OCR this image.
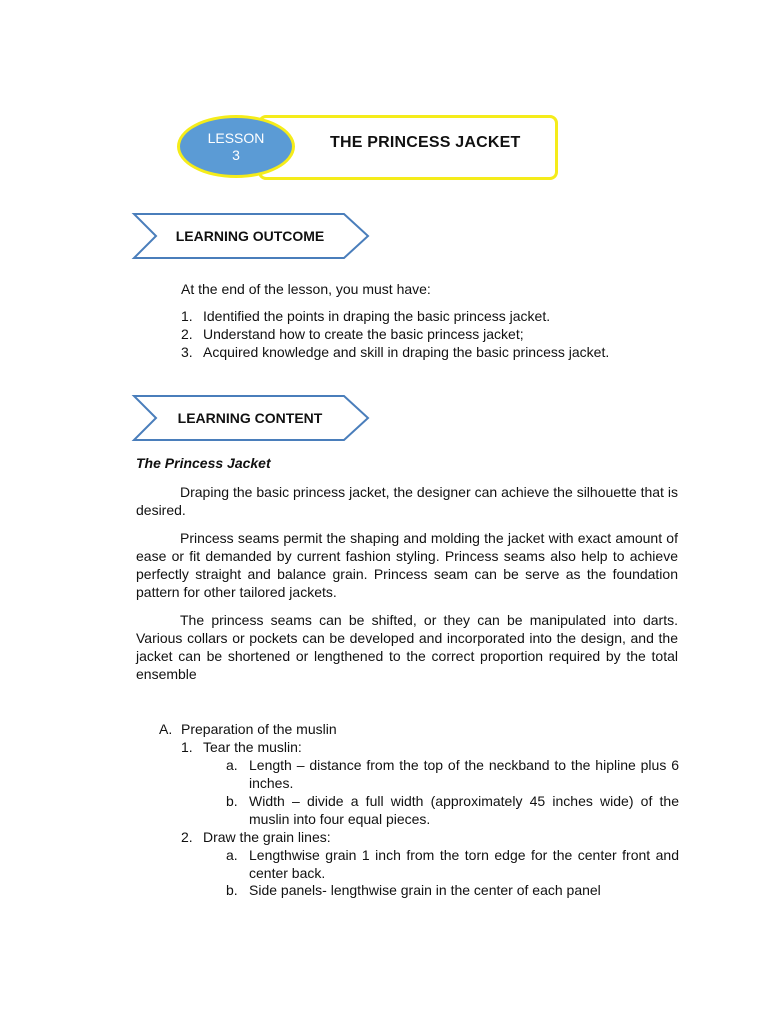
THE PRINCESS JACKET
LESSON
3
LEARNING OUTCOME
At the end of the lesson, you must have:
1. Identified the points in draping the basic princess jacket.
2. Understand how to create the basic princess jacket;
3. Acquired knowledge and skill in draping the basic princess jacket.
LEARNING CONTENT
The Princess Jacket
Draping the basic princess jacket, the designer can achieve the silhouette that is desired.
Princess seams permit the shaping and molding the jacket with exact amount of ease or fit demanded by current fashion styling. Princess seams also help to achieve perfectly straight and balance grain. Princess seam can be serve as the foundation pattern for other tailored jackets.
The princess seams can be shifted, or they can be manipulated into darts. Various collars or pockets can be developed and incorporated into the design, and the jacket can be shortened or lengthened to the correct proportion required by the total ensemble
A. Preparation of the muslin
1. Tear the muslin:
a. Length – distance from the top of the neckband to the hipline plus 6 inches.
b. Width – divide a full width (approximately 45 inches wide) of the muslin into four equal pieces.
2. Draw the grain lines:
a. Lengthwise grain 1 inch from the torn edge for the center front and center back.
b. Side panels- lengthwise grain in the center of each panel
